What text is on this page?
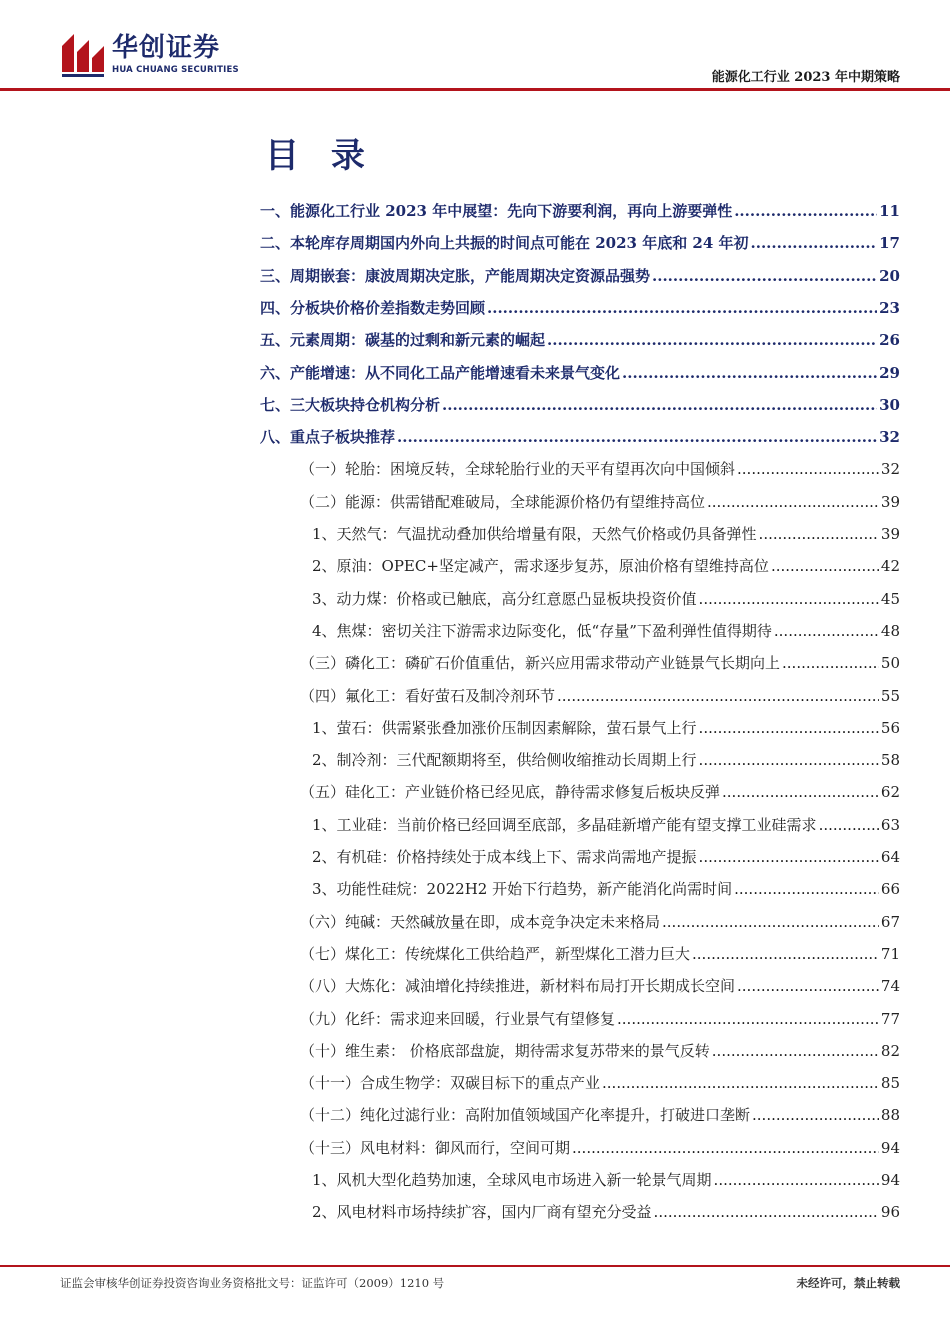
华创证券
HUA CHUANG SECURITIES	能源化工行业 2023 年中期策略
目 录
一、能源化工行业 2023 年中展望：先向下游要利润，再向上游要弹性 .....	11
二、本轮库存周期国内外向上共振的时间点可能在 2023 年底和 24 年初 .....	17
三、周期嵌套：康波周期决定胀，产能周期决定资源品强势 .....	20
四、分板块价格价差指数走势回顾 .....	23
五、元素周期：碳基的过剩和新元素的崛起 .....	26
六、产能增速：从不同化工品产能增速看未来景气变化 .....	29
七、三大板块持仓机构分析 .....	30
八、重点子板块推荐 .....	32
（一）轮胎：困境反转，全球轮胎行业的天平有望再次向中国倾斜 .....	32
（二）能源：供需错配难破局，全球能源价格仍有望维持高位 .....	39
1、天然气：气温扰动叠加供给增量有限，天然气价格或仍具备弹性 .....	39
2、原油：OPEC+坚定减产，需求逐步复苏，原油价格有望维持高位 .....	42
3、动力煤：价格或已触底，高分红意愿凸显板块投资价值 .....	45
4、焦煤：密切关注下游需求边际变化，低“存量”下盈利弹性值得期待 .....	48
（三）磷化工：磷矿石价值重估，新兴应用需求带动产业链景气长期向上 .....	50
（四）氟化工：看好萤石及制冷剂环节 .....	55
1、萤石：供需紧张叠加涨价压制因素解除，萤石景气上行 .....	56
2、制冷剂：三代配额期将至，供给侧收缩推动长周期上行 .....	58
（五）硅化工：产业链价格已经见底，静待需求修复后板块反弹 .....	62
1、工业硅：当前价格已经回调至底部，多晶硅新增产能有望支撑工业硅需求 .....	63
2、有机硅：价格持续处于成本线上下、需求尚需地产提振 .....	64
3、功能性硅烷：2022H2 开始下行趋势，新产能消化尚需时间 .....	66
（六）纯碱：天然碱放量在即，成本竞争决定未来格局 .....	67
（七）煤化工：传统煤化工供给趋严，新型煤化工潜力巨大 .....	71
（八）大炼化：减油增化持续推进，新材料布局打开长期成长空间 .....	74
（九）化纤：需求迎来回暖，行业景气有望修复 .....	77
（十）维生素： 价格底部盘旋，期待需求复苏带来的景气反转 .....	82
（十一）合成生物学：双碳目标下的重点产业 .....	85
（十二）纯化过滤行业：高附加值领域国产化率提升，打破进口垄断 .....	88
（十三）风电材料：御风而行，空间可期 .....	94
1、风机大型化趋势加速，全球风电市场进入新一轮景气周期 .....	94
2、风电材料市场持续扩容，国内厂商有望充分受益 .....	96
证监会审核华创证券投资咨询业务资格批文号：证监许可（2009）1210 号	未经许可，禁止转载
